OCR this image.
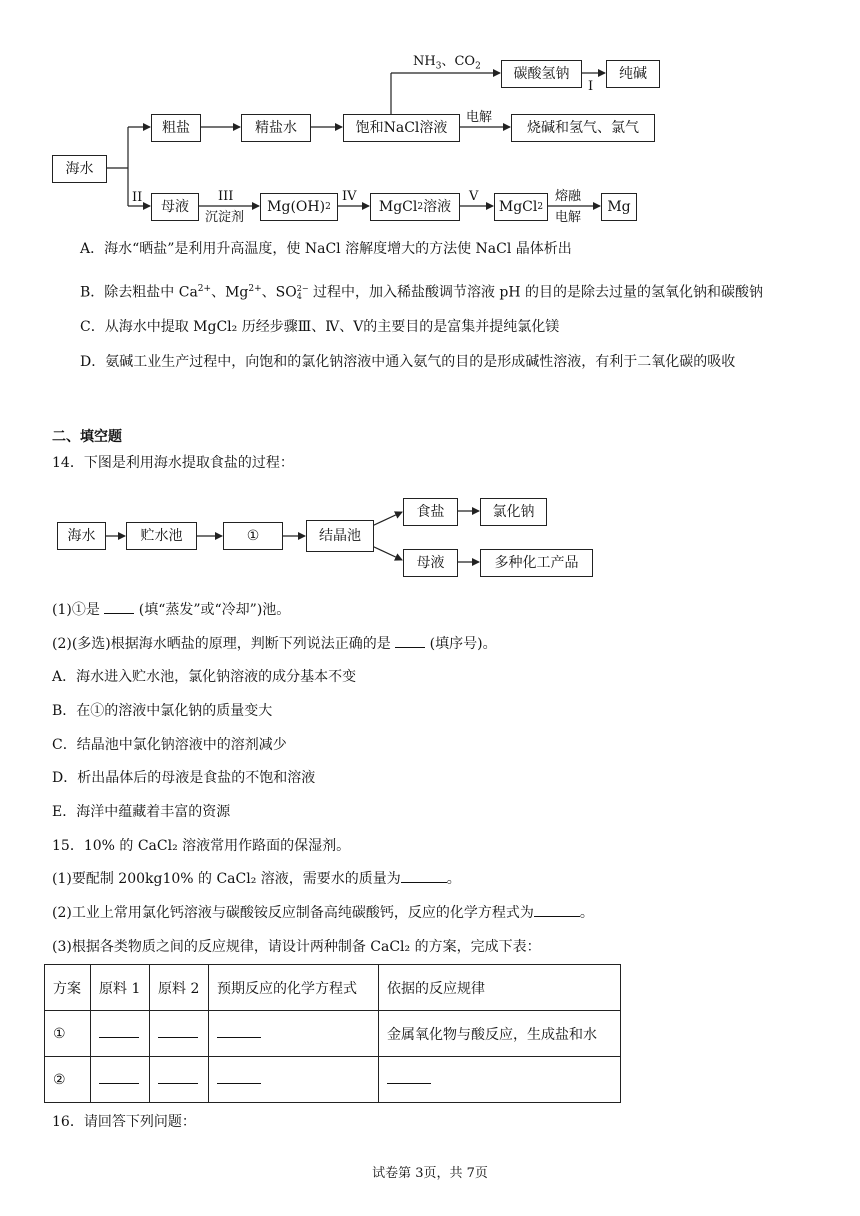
海水
粗盐	精盐水	饱和NaCl溶液
$NH_3$、$CO_2$	碳酸氢钠
I
纯碱
电解
烧碱和氢气、氯气
II
母液
III
沉淀剂
Mg(OH) 2
IV
MgCl 2 溶液
V
MgCl 2
熔融
电解
Mg
A．海水“晒盐”是利用升高温度，使 NaCl 溶解度增大的方法使 NaCl 晶体析出
B．除去粗盐中 $Ca^{2+}$、$Mg^{2+}$、SO 2−
4 过程中，加入稀盐酸调节溶液 pH 的目的是除去过量的氢氧化钠和碳酸钠
C．从海水中提取 MgCl₂ 历经步骤Ⅲ、Ⅳ、Ⅴ的主要目的是富集并提纯氯化镁
D．氨碱工业生产过程中，向饱和的氯化钠溶液中通入氨气的目的是形成碱性溶液，有利于二氧化碳的吸收
二、填空题
14．下图是利用海水提取食盐的过程：
海水	贮水池	①	结晶池
食盐	氯化钠
母液	多种化工产品
(1)①是	(填“蒸发”或“冷却”)池。
(2)(多选)根据海水晒盐的原理，判断下列说法正确的是	(填序号)。
A．海水进入贮水池，氯化钠溶液的成分基本不变
B．在①的溶液中氯化钠的质量变大
C．结晶池中氯化钠溶液中的溶剂减少
D．析出晶体后的母液是食盐的不饱和溶液
E．海洋中蕴藏着丰富的资源
15．10% 的 CaCl₂ 溶液常用作路面的保湿剂。
(1)要配制 200kg10% 的 CaCl₂ 溶液，需要水的质量为	。
(2)工业上常用氯化钙溶液与碳酸铵反应制备高纯碳酸钙，反应的化学方程式为	。
(3)根据各类物质之间的反应规律，请设计两种制备 CaCl₂ 的方案，完成下表：
方案	原料 1	原料 2	预期反应的化学方程式	依据的反应规律
①				金属氧化物与酸反应，生成盐和水
②				
16．请回答下列问题：
试卷第 3页，共 7页
